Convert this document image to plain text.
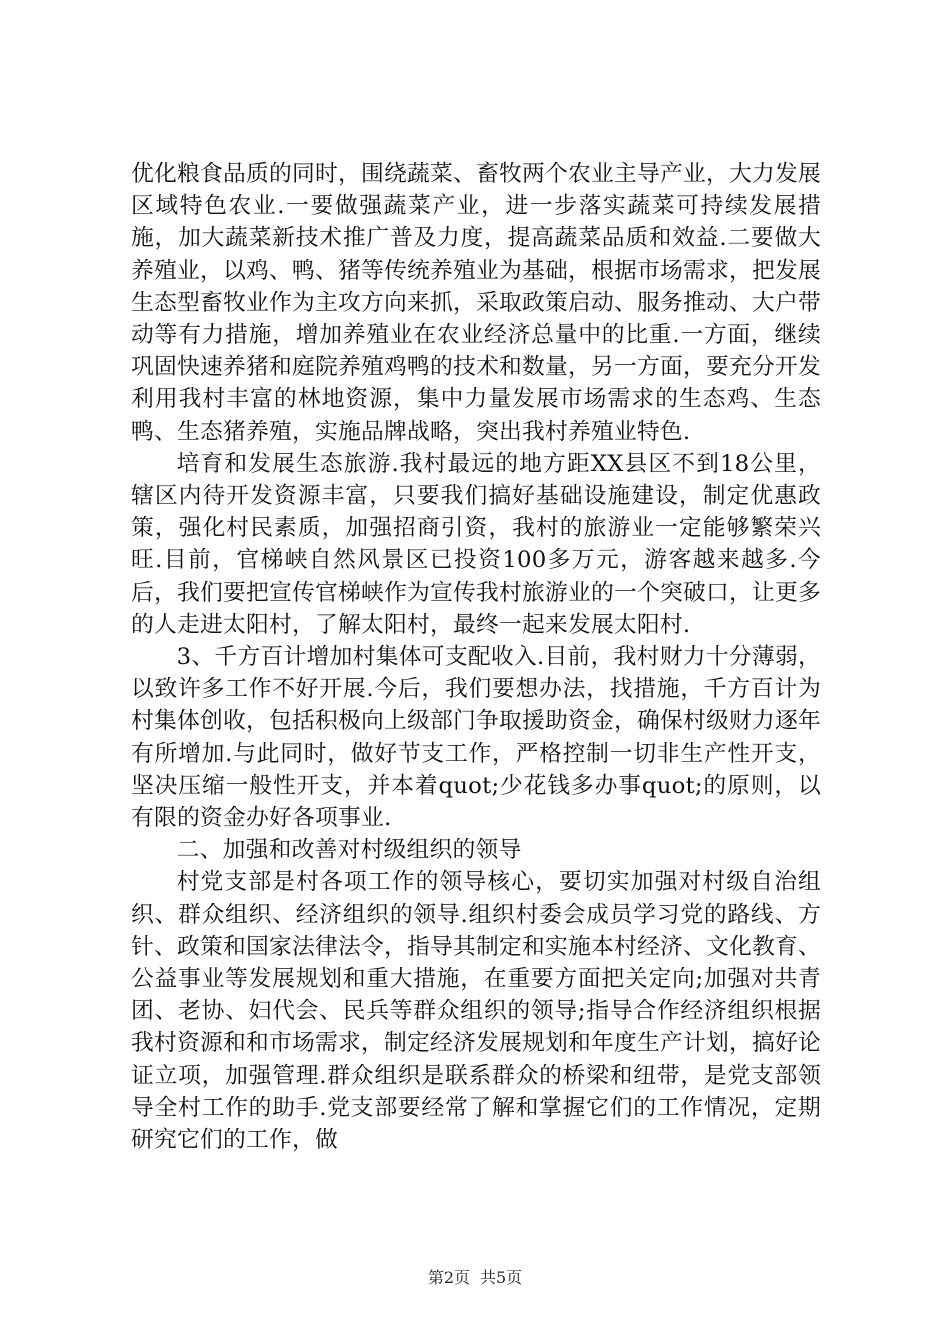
优化粮食品质的同时，围绕蔬菜、畜牧两个农业主导产业，大力发展区域特色农业.一要做强蔬菜产业，进一步落实蔬菜可持续发展措施，加大蔬菜新技术推广普及力度，提高蔬菜品质和效益.二要做大养殖业，以鸡、鸭、猪等传统养殖业为基础，根据市场需求，把发展生态型畜牧业作为主攻方向来抓，采取政策启动、服务推动、大户带动等有力措施，增加养殖业在农业经济总量中的比重.一方面，继续巩固快速养猪和庭院养殖鸡鸭的技术和数量，另一方面，要充分开发利用我村丰富的林地资源，集中力量发展市场需求的生态鸡、生态鸭、生态猪养殖，实施品牌战略，突出我村养殖业特色.

培育和发展生态旅游.我村最远的地方距XX县区不到18公里，辖区内待开发资源丰富，只要我们搞好基础设施建设，制定优惠政策，强化村民素质，加强招商引资，我村的旅游业一定能够繁荣兴旺.目前，官梯峡自然风景区已投资100多万元，游客越来越多.今后，我们要把宣传官梯峡作为宣传我村旅游业的一个突破口，让更多的人走进太阳村，了解太阳村，最终一起来发展太阳村.

3、千方百计增加村集体可支配收入.目前，我村财力十分薄弱，以致许多工作不好开展.今后，我们要想办法，找措施，千方百计为村集体创收，包括积极向上级部门争取援助资金，确保村级财力逐年有所增加.与此同时，做好节支工作，严格控制一切非生产性开支，坚决压缩一般性开支，并本着quot;少花钱多办事quot;的原则，以有限的资金办好各项事业.

二、加强和改善对村级组织的领导

村党支部是村各项工作的领导核心，要切实加强对村级自治组织、群众组织、经济组织的领导.组织村委会成员学习党的路线、方针、政策和国家法律法令，指导其制定和实施本村经济、文化教育、公益事业等发展规划和重大措施，在重要方面把关定向;加强对共青团、老协、妇代会、民兵等群众组织的领导;指导合作经济组织根据我村资源和和市场需求，制定经济发展规划和年度生产计划，搞好论证立项，加强管理.群众组织是联系群众的桥梁和纽带，是党支部领导全村工作的助手.党支部要经常了解和掌握它们的工作情况，定期研究它们的工作，做

第2页 共5页
